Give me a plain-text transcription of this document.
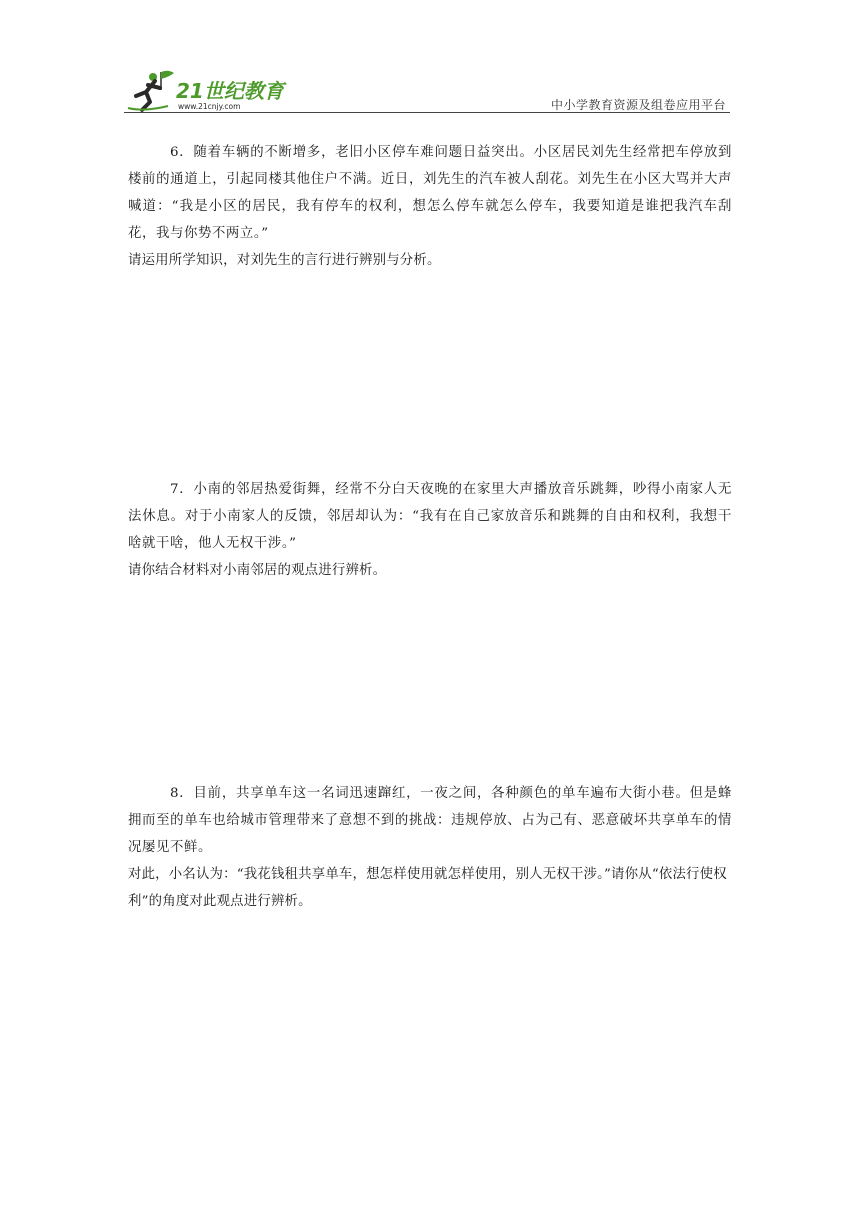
21世纪教育
www.21cnjy.com	中小学教育资源及组卷应用平台

6．随着车辆的不断增多，老旧小区停车难问题日益突出。小区居民刘先生经常把车停放到楼前的通道上，引起同楼其他住户不满。近日，刘先生的汽车被人刮花。刘先生在小区大骂并大声喊道：“我是小区的居民，我有停车的权利，想怎么停车就怎么停车，我要知道是谁把我汽车刮花，我与你势不两立。”

请运用所学知识，对刘先生的言行进行辨别与分析。

7．小南的邻居热爱街舞，经常不分白天夜晚的在家里大声播放音乐跳舞，吵得小南家人无法休息。对于小南家人的反馈，邻居却认为：“我有在自己家放音乐和跳舞的自由和权利，我想干啥就干啥，他人无权干涉。”

请你结合材料对小南邻居的观点进行辨析。

8．目前，共享单车这一名词迅速蹿红，一夜之间，各种颜色的单车遍布大街小巷。但是蜂拥而至的单车也给城市管理带来了意想不到的挑战：违规停放、占为己有、恶意破坏共享单车的情况屡见不鲜。

对此，小名认为：“我花钱租共享单车，想怎样使用就怎样使用，别人无权干涉。”请你从“依法行使权利”的角度对此观点进行辨析。
